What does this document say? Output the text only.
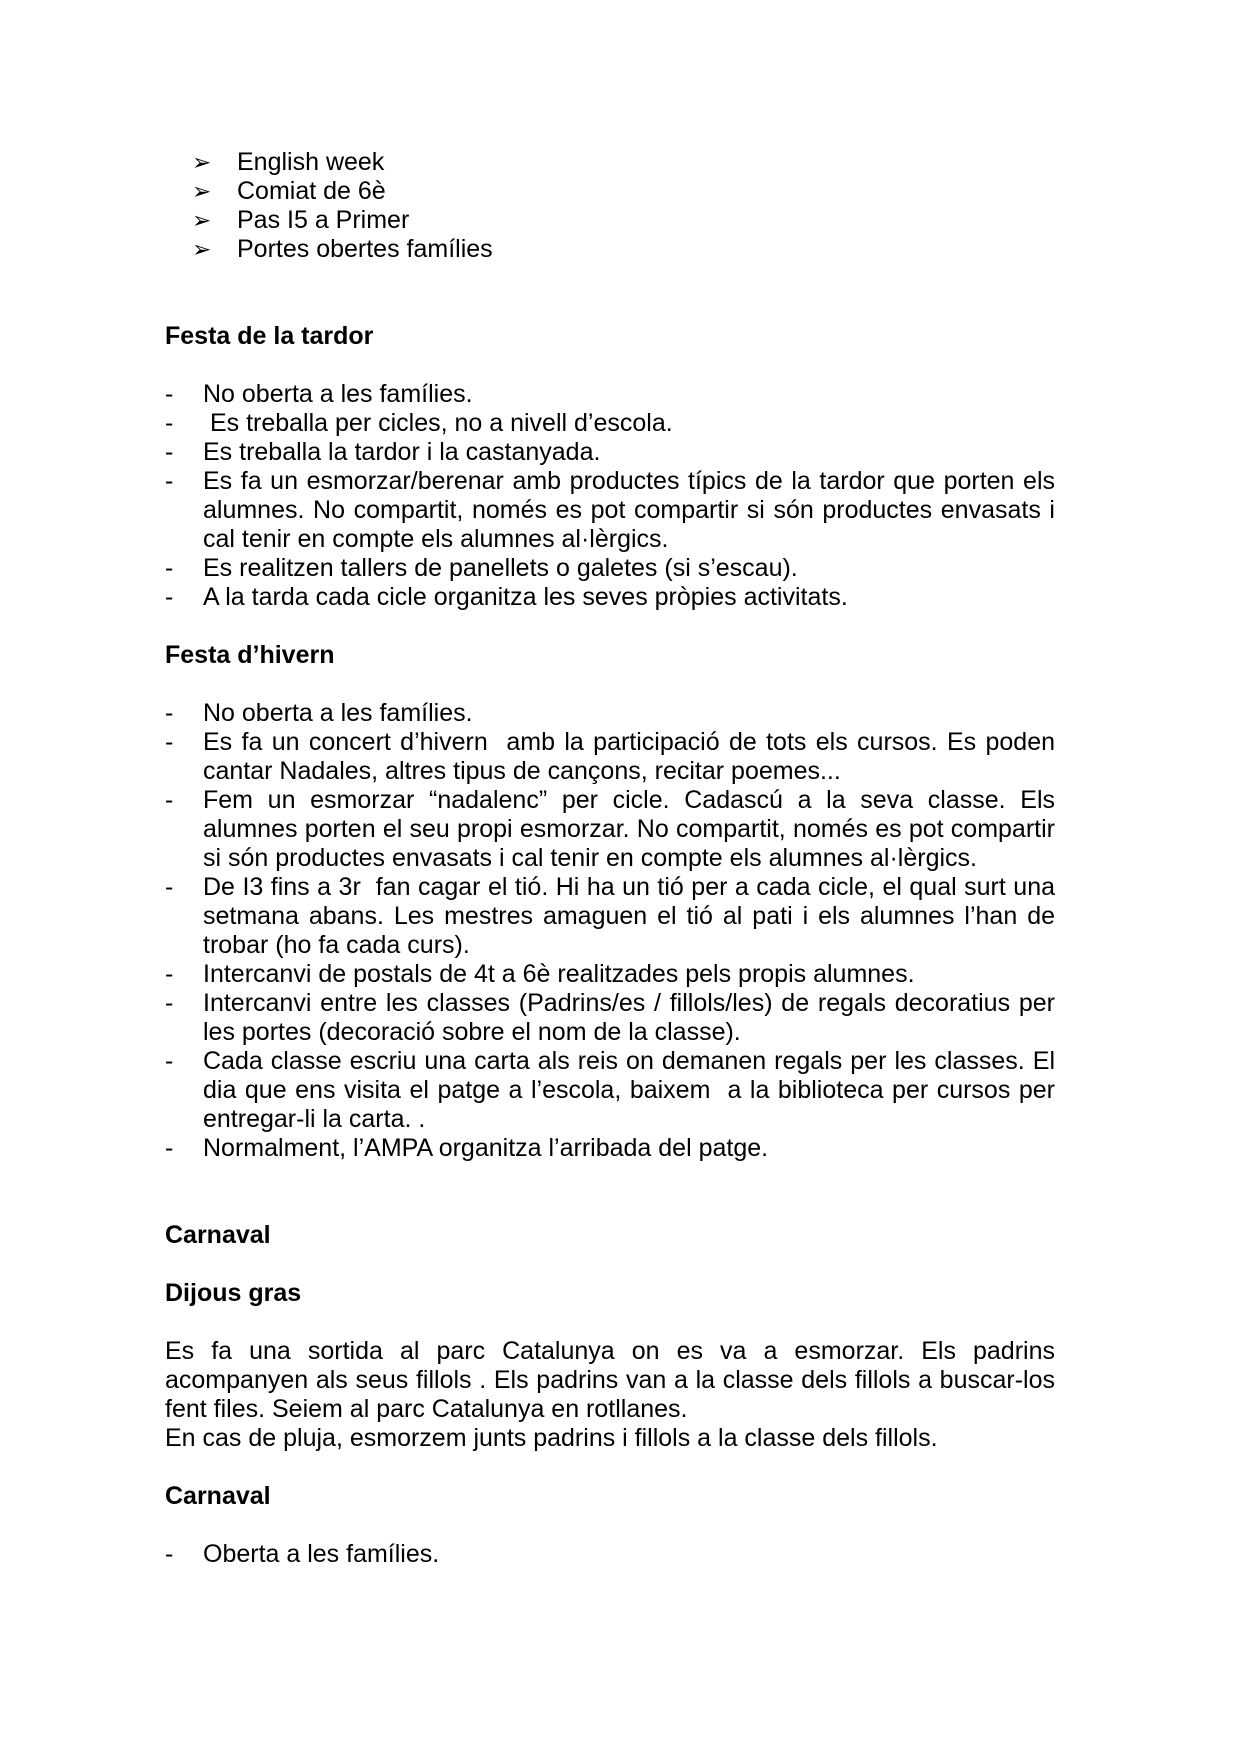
➢ English week
➢ Comiat de 6è
➢ Pas I5 a Primer
➢ Portes obertes famílies
Festa de la tardor
- No oberta a les famílies.
- Es treballa per cicles, no a nivell d’escola.
- Es treballa la tardor i la castanyada.
- Es fa un esmorzar/berenar amb productes típics de la tardor que porten els alumnes. No compartit, només es pot compartir si són productes envasats i cal tenir en compte els alumnes al·lèrgics.
- Es realitzen tallers de panellets o galetes (si s’escau).
- A la tarda cada cicle organitza les seves pròpies activitats.
Festa d’hivern
- No oberta a les famílies.
- Es fa un concert d’hivern  amb la participació de tots els cursos. Es poden cantar Nadales, altres tipus de cançons, recitar poemes...
- Fem un esmorzar “nadalenc” per cicle. Cadascú a la seva classe. Els alumnes porten el seu propi esmorzar. No compartit, només es pot compartir si són productes envasats i cal tenir en compte els alumnes al·lèrgics.
- De I3 fins a 3r  fan cagar el tió. Hi ha un tió per a cada cicle, el qual surt una setmana abans. Les mestres amaguen el tió al pati i els alumnes l’han de trobar (ho fa cada curs).
- Intercanvi de postals de 4t a 6è realitzades pels propis alumnes.
- Intercanvi entre les classes (Padrins/es / fillols/les) de regals decoratius per les portes (decoració sobre el nom de la classe).
- Cada classe escriu una carta als reis on demanen regals per les classes. El dia que ens visita el patge a l’escola, baixem  a la biblioteca per cursos per entregar-li la carta. .
- Normalment, l’AMPA organitza l’arribada del patge.
Carnaval
Dijous gras

Es fa una sortida al parc Catalunya on es va a esmorzar. Els padrins acompanyen als seus fillols . Els padrins van a la classe dels fillols a buscar-los fent files. Seiem al parc Catalunya en rotllanes.

En cas de pluja, esmorzem junts padrins i fillols a la classe dels fillols.

Carnaval
- Oberta a les famílies.
